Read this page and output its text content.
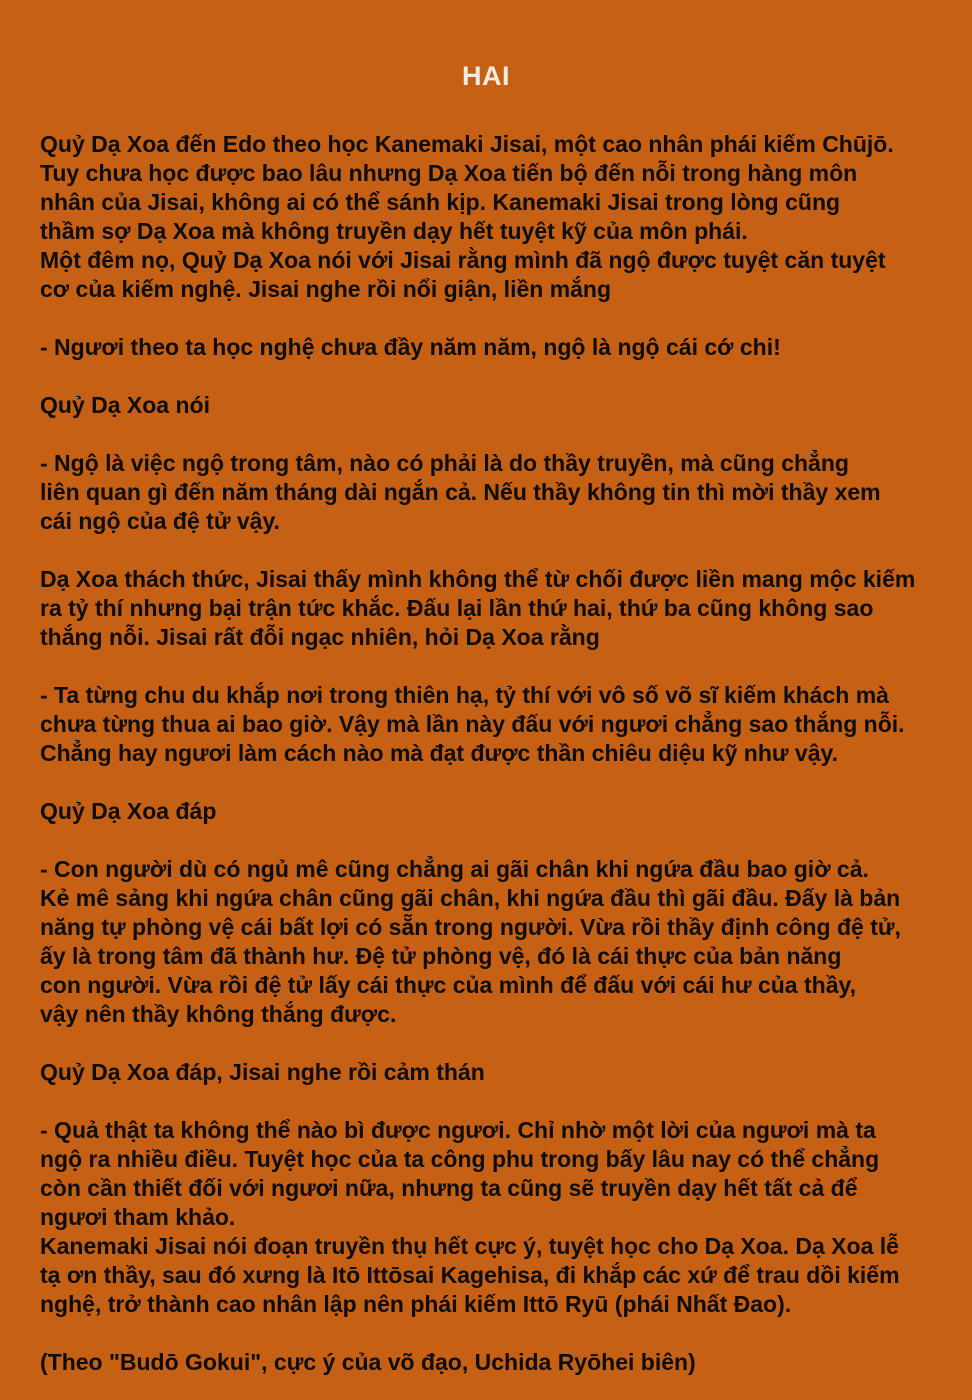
HAI
Quỷ Dạ Xoa đến Edo theo học Kanemaki Jisai, một cao nhân phái kiếm Chūjō.
Tuy chưa học được bao lâu nhưng Dạ Xoa tiến bộ đến nỗi trong hàng môn
nhân của Jisai, không ai có thể sánh kịp. Kanemaki Jisai trong lòng cũng
thầm sợ Dạ Xoa mà không truyền dạy hết tuyệt kỹ của môn phái.
Một đêm nọ, Quỷ Dạ Xoa nói với Jisai rằng mình đã ngộ được tuyệt căn tuyệt
cơ của kiếm nghệ. Jisai nghe rồi nổi giận, liền mắng
- Ngươi theo ta học nghệ chưa đầy năm năm, ngộ là ngộ cái cớ chi!
Quỷ Dạ Xoa nói
- Ngộ là việc ngộ trong tâm, nào có phải là do thầy truyền, mà cũng chẳng
liên quan gì đến năm tháng dài ngắn cả. Nếu thầy không tin thì mời thầy xem
cái ngộ của đệ tử vậy.
Dạ Xoa thách thức, Jisai thấy mình không thể từ chối được liền mang mộc kiếm
ra tỷ thí nhưng bại trận tức khắc. Đấu lại lần thứ hai, thứ ba cũng không sao
thắng nỗi. Jisai rất đỗi ngạc nhiên, hỏi Dạ Xoa rằng
- Ta từng chu du khắp nơi trong thiên hạ, tỷ thí với vô số võ sĩ kiếm khách mà
chưa từng thua ai bao giờ. Vậy mà lần này đấu với ngươi chẳng sao thắng nỗi.
Chẳng hay ngươi làm cách nào mà đạt được thần chiêu diệu kỹ như vậy.
Quỷ Dạ Xoa đáp
- Con người dù có ngủ mê cũng chẳng ai gãi chân khi ngứa đầu bao giờ cả.
Kẻ mê sảng khi ngứa chân cũng gãi chân, khi ngứa đầu thì gãi đầu. Đấy là bản
năng tự phòng vệ cái bất lợi có sẵn trong người. Vừa rồi thầy định công đệ tử,
ấy là trong tâm đã thành hư. Đệ tử phòng vệ, đó là cái thực của bản năng
con người. Vừa rồi đệ tử lấy cái thực của mình để đấu với cái hư của thầy,
vậy nên thầy không thắng được.
Quỷ Dạ Xoa đáp, Jisai nghe rồi cảm thán
- Quả thật ta không thể nào bì được ngươi. Chỉ nhờ một lời của ngươi mà ta
ngộ ra nhiều điều. Tuyệt học của ta công phu trong bấy lâu nay có thể chẳng
còn cần thiết đối với ngươi nữa, nhưng ta cũng sẽ truyền dạy hết tất cả để
ngươi tham khảo.
Kanemaki Jisai nói đoạn truyền thụ hết cực ý, tuyệt học cho Dạ Xoa. Dạ Xoa lễ
tạ ơn thầy, sau đó xưng là Itō Ittōsai Kagehisa, đi khắp các xứ để trau dồi kiếm
nghệ, trở thành cao nhân lập nên phái kiếm Ittō Ryū (phái Nhất Đao).
(Theo "Budō Gokui", cực ý của võ đạo, Uchida Ryōhei biên)
